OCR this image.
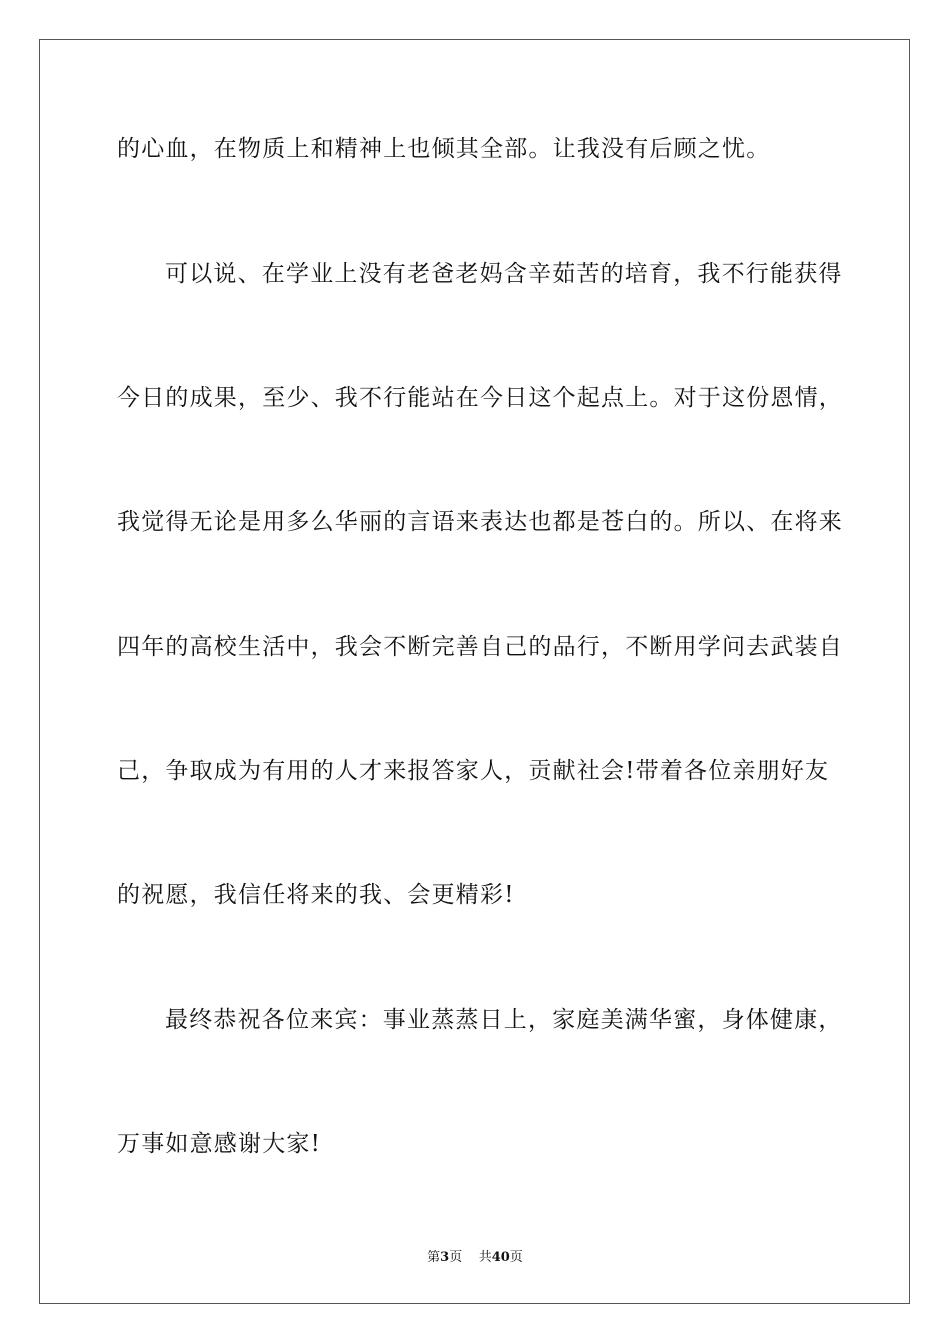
的心血，在物质上和精神上也倾其全部。让我没有后顾之忧。
可以说、在学业上没有老爸老妈含辛茹苦的培育，我不行能获得
今日的成果，至少、我不行能站在今日这个起点上。对于这份恩情，
我觉得无论是用多么华丽的言语来表达也都是苍白的。所以、在将来
四年的高校生活中，我会不断完善自己的品行，不断用学问去武装自
己，争取成为有用的人才来报答家人，贡献社会!带着各位亲朋好友
的祝愿，我信任将来的我、会更精彩!
最终恭祝各位来宾：事业蒸蒸日上，家庭美满华蜜，身体健康，
万事如意感谢大家!
第3页 共40页
